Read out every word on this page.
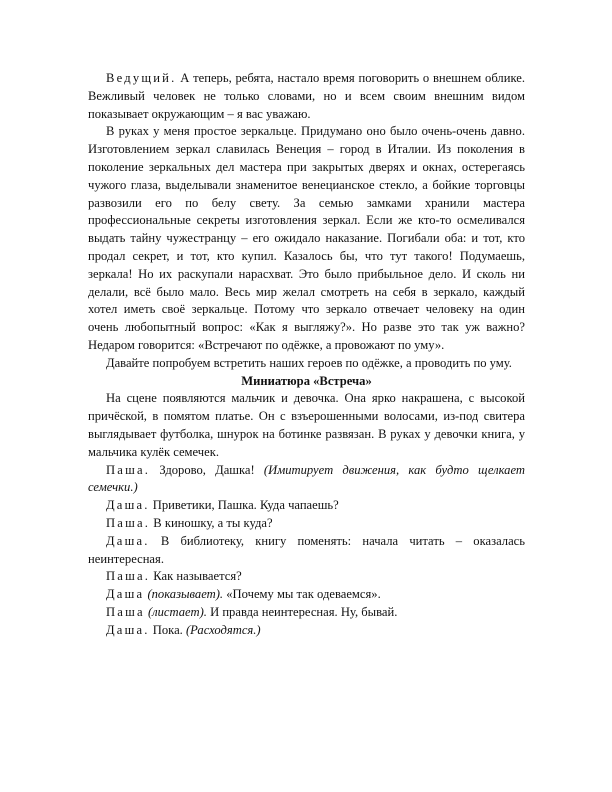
Ведущий. А теперь, ребята, настало время поговорить о внешнем облике. Вежливый человек не только словами, но и всем своим внешним видом показывает окружающим – я вас уважаю.

В руках у меня простое зеркальце. Придумано оно было очень-очень давно. Изготовлением зеркал славилась Венеция – город в Италии. Из поколения в поколение зеркальных дел мастера при закрытых дверях и окнах, остерегаясь чужого глаза, выделывали знаменитое венецианское стекло, а бойкие торговцы развозили его по белу свету. За семью замками хранили мастера профессиональные секреты изготовления зеркал. Если же кто-то осмеливался выдать тайну чужестранцу – его ожидало наказание. Погибали оба: и тот, кто продал секрет, и тот, кто купил. Казалось бы, что тут такого! Подумаешь, зеркала! Но их раскупали нарасхват. Это было прибыльное дело. И сколь ни делали, всё было мало. Весь мир желал смотреть на себя в зеркало, каждый хотел иметь своё зеркальце. Потому что зеркало отвечает человеку на один очень любопытный вопрос: «Как я выгляжу?». Но разве это так уж важно? Недаром говорится: «Встречают по одёжке, а провожают по уму».

Давайте попробуем встретить наших героев по одёжке, а проводить по уму.

Миниатюра «Встреча»

На сцене появляются мальчик и девочка. Она ярко накрашена, с высокой причёской, в помятом платье. Он с взъерошенными волосами, из-под свитера выглядывает футболка, шнурок на ботинке развязан. В руках у девочки книга, у мальчика кулёк семечек.

Паша. Здорово, Дашка! (Имитирует движения, как будто щелкает семечки.)

Даша. Приветики, Пашка. Куда чапаешь?

Паша. В киношку, а ты куда?

Даша. В библиотеку, книгу поменять: начала читать – оказалась неинтересная.

Паша. Как называется?

Даша (показывает). «Почему мы так одеваемся».

Паша (листает). И правда неинтересная. Ну, бывай.

Даша. Пока. (Расходятся.)
